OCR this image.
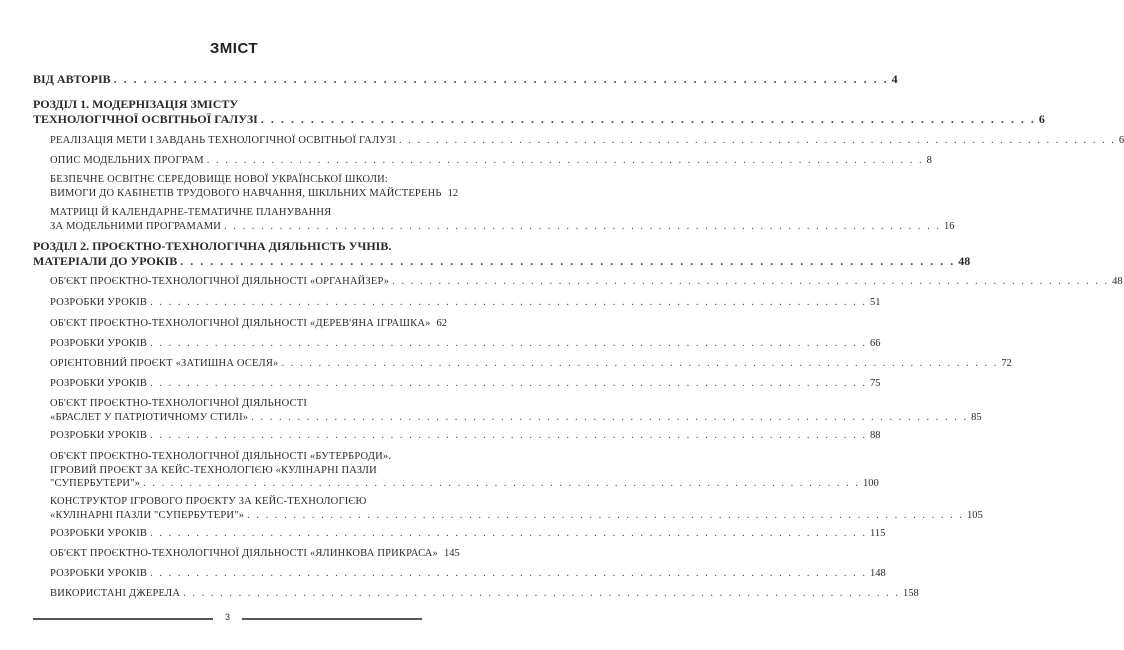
ЗМІСТ
ВІД АВТОРІВ . . . . . . . . . . . . . . . . . . . . . . . . . . . . . . . . . . . . . . . . . . . . . . . . . . . . . . . . . . . . . . . . . . . . . . . . . . . . . . 4
РОЗДІЛ 1. МОДЕРНІЗАЦІЯ ЗМІСТУ
ТЕХНОЛОГІЧНОЇ ОСВІТНЬОЇ ГАЛУЗІ . . . . . . . . . . . . . . . . . . . . . . . . . . . . . . . . . . . . . . . . . . . . . . . . . . . . . . . . . . . . . . . . . . . . . . . . . . . . . . 6
РЕАЛІЗАЦІЯ МЕТИ І ЗАВДАНЬ ТЕХНОЛОГІЧНОЇ ОСВІТНЬОЇ ГАЛУЗІ . . . . . . . . . . . . . . . . . . . . . . . . . . . . . . . . . . . . . . . . . . . . . . . . . . . . . . . . . . . . . . . . . . . . . . . . . . . . . . 6
ОПИС МОДЕЛЬНИХ ПРОГРАМ . . . . . . . . . . . . . . . . . . . . . . . . . . . . . . . . . . . . . . . . . . . . . . . . . . . . . . . . . . . . . . . . . . . . . . . . . . . . . . 8
БЕЗПЕЧНЕ ОСВІТНЄ СЕРЕДОВИЩЕ НОВОЇ УКРАЇНСЬКОЇ ШКОЛИ:
ВИМОГИ ДО КАБІНЕТІВ ТРУДОВОГО НАВЧАННЯ, ШКІЛЬНИХ МАЙСТЕРЕНЬ 12
МАТРИЦІ Й КАЛЕНДАРНЕ-ТЕМАТИЧНЕ ПЛАНУВАННЯ
ЗА МОДЕЛЬНИМИ ПРОГРАМАМИ . . . . . . . . . . . . . . . . . . . . . . . . . . . . . . . . . . . . . . . . . . . . . . . . . . . . . . . . . . . . . . . . . . . . . . . . . . . . . . 16
РОЗДІЛ 2. ПРОЄКТНО-ТЕХНОЛОГІЧНА ДІЯЛЬНІСТЬ УЧНІВ.
МАТЕРІАЛИ ДО УРОКІВ . . . . . . . . . . . . . . . . . . . . . . . . . . . . . . . . . . . . . . . . . . . . . . . . . . . . . . . . . . . . . . . . . . . . . . . . . . . . . . 48
ОБ'ЄКТ ПРОЄКТНО-ТЕХНОЛОГІЧНОЇ ДІЯЛЬНОСТІ «ОРГАНАЙЗЕР» . . . . . . . . . . . . . . . . . . . . . . . . . . . . . . . . . . . . . . . . . . . . . . . . . . . . . . . . . . . . . . . . . . . . . . . . . . . . . . 48
РОЗРОБКИ УРОКІВ . . . . . . . . . . . . . . . . . . . . . . . . . . . . . . . . . . . . . . . . . . . . . . . . . . . . . . . . . . . . . . . . . . . . . . . . . . . . . . 51
ОБ'ЄКТ ПРОЄКТНО-ТЕХНОЛОГІЧНОЇ ДІЯЛЬНОСТІ «ДЕРЕВ'ЯНА ІГРАШКА» 62
РОЗРОБКИ УРОКІВ . . . . . . . . . . . . . . . . . . . . . . . . . . . . . . . . . . . . . . . . . . . . . . . . . . . . . . . . . . . . . . . . . . . . . . . . . . . . . . 66
ОРІЄНТОВНИЙ ПРОЄКТ «ЗАТИШНА ОСЕЛЯ» . . . . . . . . . . . . . . . . . . . . . . . . . . . . . . . . . . . . . . . . . . . . . . . . . . . . . . . . . . . . . . . . . . . . . . . . . . . . . . 72
РОЗРОБКИ УРОКІВ . . . . . . . . . . . . . . . . . . . . . . . . . . . . . . . . . . . . . . . . . . . . . . . . . . . . . . . . . . . . . . . . . . . . . . . . . . . . . . 75
ОБ'ЄКТ ПРОЄКТНО-ТЕХНОЛОГІЧНОЇ ДІЯЛЬНОСТІ
«БРАСЛЕТ У ПАТРІОТИЧНОМУ СТИЛІ» . . . . . . . . . . . . . . . . . . . . . . . . . . . . . . . . . . . . . . . . . . . . . . . . . . . . . . . . . . . . . . . . . . . . . . . . . . . . . . 85
РОЗРОБКИ УРОКІВ . . . . . . . . . . . . . . . . . . . . . . . . . . . . . . . . . . . . . . . . . . . . . . . . . . . . . . . . . . . . . . . . . . . . . . . . . . . . . . 88
ОБ'ЄКТ ПРОЄКТНО-ТЕХНОЛОГІЧНОЇ ДІЯЛЬНОСТІ «БУТЕРБРОДИ».
ІГРОВИЙ ПРОЄКТ ЗА КЕЙС-ТЕХНОЛОГІЄЮ «КУЛІНАРНІ ПАЗЛИ
"СУПЕРБУТЕРИ"» . . . . . . . . . . . . . . . . . . . . . . . . . . . . . . . . . . . . . . . . . . . . . . . . . . . . . . . . . . . . . . . . . . . . . . . . . . . . . . 100
КОНСТРУКТОР ІГРОВОГО ПРОЄКТУ ЗА КЕЙС-ТЕХНОЛОГІЄЮ
«КУЛІНАРНІ ПАЗЛИ "СУПЕРБУТЕРИ"» . . . . . . . . . . . . . . . . . . . . . . . . . . . . . . . . . . . . . . . . . . . . . . . . . . . . . . . . . . . . . . . . . . . . . . . . . . . . . . 105
РОЗРОБКИ УРОКІВ . . . . . . . . . . . . . . . . . . . . . . . . . . . . . . . . . . . . . . . . . . . . . . . . . . . . . . . . . . . . . . . . . . . . . . . . . . . . . . 115
ОБ'ЄКТ ПРОЄКТНО-ТЕХНОЛОГІЧНОЇ ДІЯЛЬНОСТІ «ЯЛИНКОВА ПРИКРАСА» 145
РОЗРОБКИ УРОКІВ . . . . . . . . . . . . . . . . . . . . . . . . . . . . . . . . . . . . . . . . . . . . . . . . . . . . . . . . . . . . . . . . . . . . . . . . . . . . . . 148
ВИКОРИСТАНІ ДЖЕРЕЛА . . . . . . . . . . . . . . . . . . . . . . . . . . . . . . . . . . . . . . . . . . . . . . . . . . . . . . . . . . . . . . . . . . . . . . . . . . . . . . 158
3
